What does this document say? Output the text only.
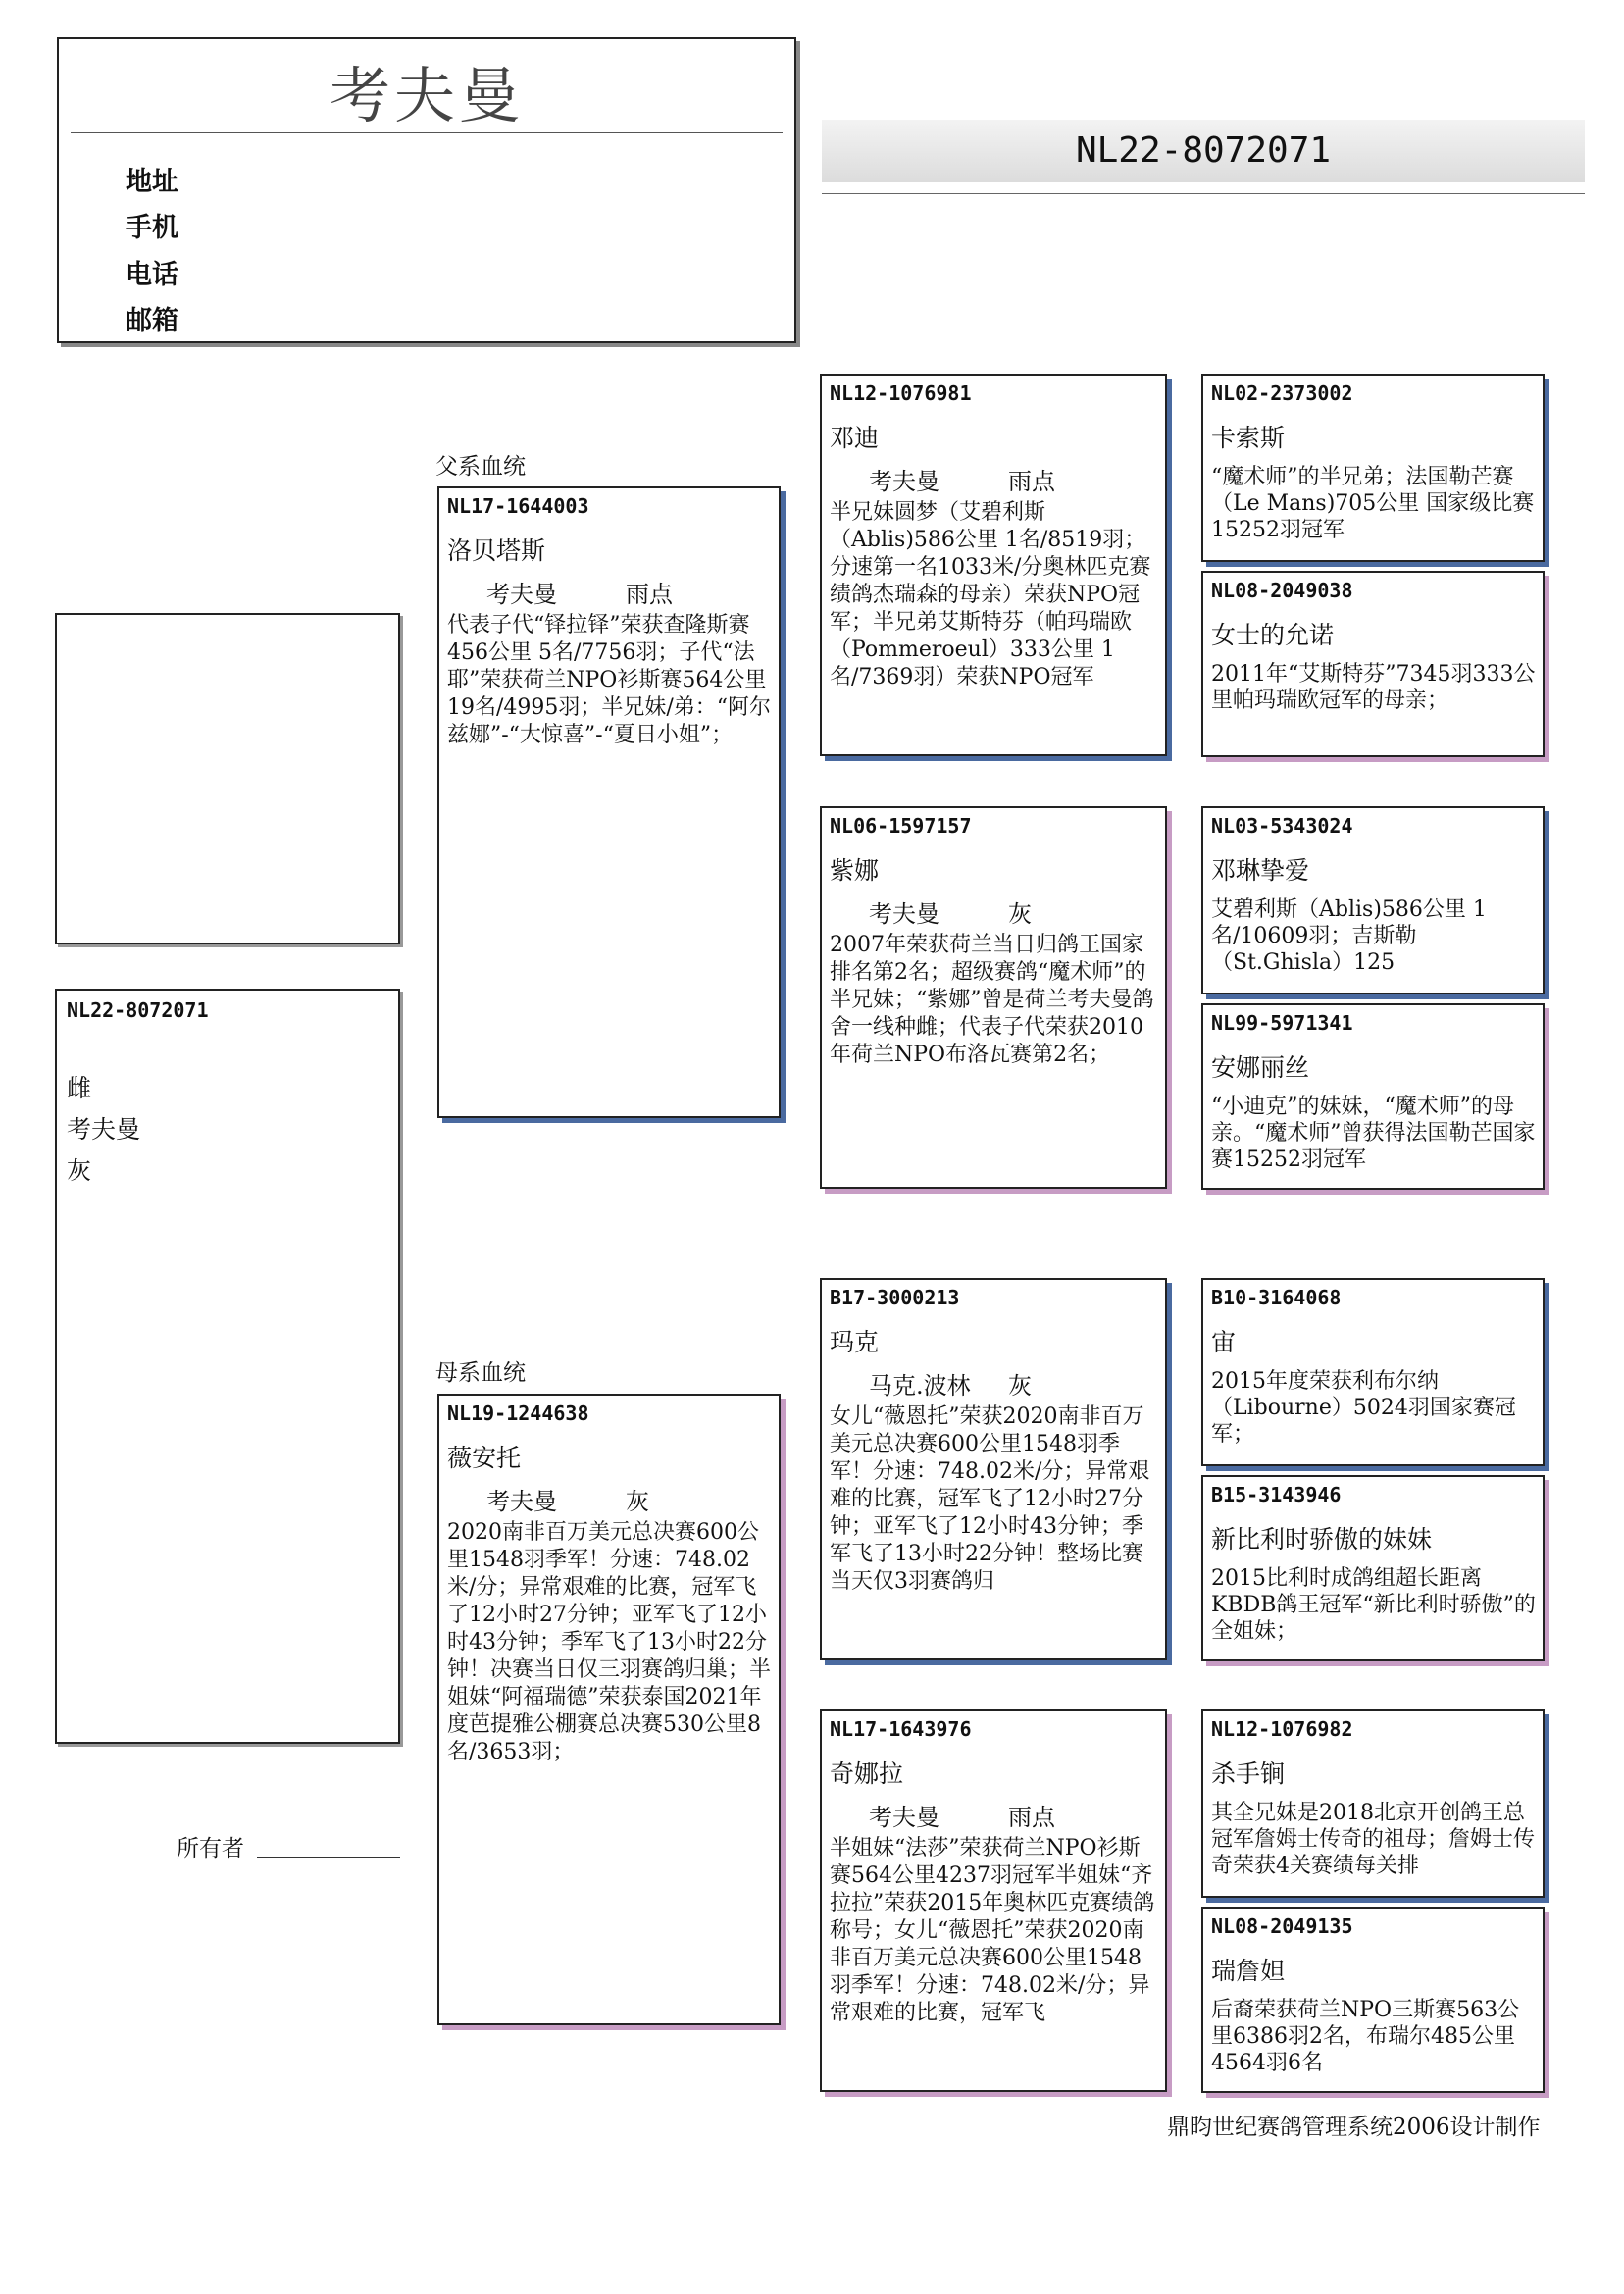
考夫曼
地址
手机
电话
邮箱
NL22-8072071
父系血统
母系血统
NL22-8072071
雌
考夫曼
灰
所有者
NL17-1644003
洛贝塔斯
考夫曼	雨点
代表子代“铎拉铎”荣获查隆斯赛456公里 5名/7756羽；子代“法耶”荣获荷兰NPO衫斯赛564公里19名/4995羽；半兄妹/弟：“阿尔兹娜”-“大惊喜”-“夏日小姐”；
NL19-1244638
薇安托
考夫曼	灰
2020南非百万美元总决赛600公里1548羽季军！分速：748.02米/分；异常艰难的比赛，冠军飞了12小时27分钟；亚军飞了12小时43分钟；季军飞了13小时22分钟！决赛当日仅三羽赛鸽归巢；半姐妹“阿福瑞德”荣获泰国2021年度芭提雅公棚赛总决赛530公里8名/3653羽；
NL12-1076981
邓迪
考夫曼	雨点
半兄妹圆梦（艾碧利斯（Ablis)586公里 1名/8519羽；分速第一名1033米/分奥林匹克赛绩鸽杰瑞森的母亲）荣获NPO冠军；半兄弟艾斯特芬（帕玛瑞欧（Pommeroeul）333公里 1名/7369羽）荣获NPO冠军
NL06-1597157
紫娜
考夫曼	灰
2007年荣获荷兰当日归鸽王国家排名第2名；超级赛鸽“魔术师”的半兄妹；“紫娜”曾是荷兰考夫曼鸽舍一线种雌；代表子代荣获2010年荷兰NPO布洛瓦赛第2名；
B17-3000213
玛克
马克.波林 灰
女儿“薇恩托”荣获2020南非百万美元总决赛600公里1548羽季军！分速：748.02米/分；异常艰难的比赛，冠军飞了12小时27分钟；亚军飞了12小时43分钟；季军飞了13小时22分钟！整场比赛当天仅3羽赛鸽归
NL17-1643976
奇娜拉
考夫曼	雨点
半姐妹“法莎”荣获荷兰NPO衫斯赛564公里4237羽冠军半姐妹“齐拉拉”荣获2015年奥林匹克赛绩鸽称号；女儿“薇恩托”荣获2020南非百万美元总决赛600公里1548羽季军！分速：748.02米/分；异常艰难的比赛，冠军飞
NL02-2373002
卡索斯
“魔术师”的半兄弟；法国勒芒赛（Le Mans)705公里 国家级比赛15252羽冠军
NL08-2049038
女士的允诺
2011年“艾斯特芬”7345羽333公里帕玛瑞欧冠军的母亲；
NL03-5343024
邓琳挚爱
艾碧利斯（Ablis)586公里 1名/10609羽；吉斯勒（St.Ghisla）125
NL99-5971341
安娜丽丝
“小迪克”的妹妹，“魔术师”的母亲。“魔术师”曾获得法国勒芒国家赛15252羽冠军
B10-3164068
宙
2015年度荣获利布尔纳（Libourne）5024羽国家赛冠军；
B15-3143946
新比利时骄傲的妹妹
2015比利时成鸽组超长距离KBDB鸽王冠军“新比利时骄傲”的全姐妹；
NL12-1076982
杀手锏
其全兄妹是2018北京开创鸽王总冠军詹姆士传奇的祖母；詹姆士传奇荣获4关赛绩每关排
NL08-2049135
瑞詹妲
后裔荣获荷兰NPO三斯赛563公里6386羽2名，布瑞尔485公里4564羽6名
鼎昀世纪赛鸽管理系统2006设计制作
